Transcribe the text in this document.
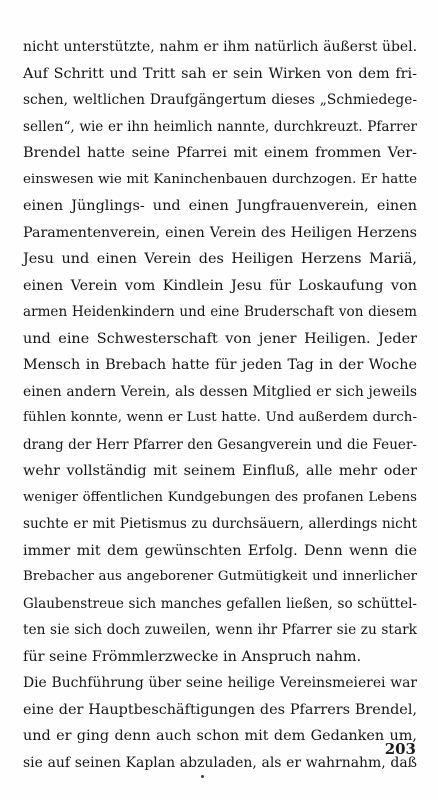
nicht unterstützte, nahm er ihm natürlich äußerst übel.
Auf Schritt und Tritt sah er sein Wirken von dem fri-
schen, weltlichen Draufgängertum dieses „Schmiedege-
sellen“, wie er ihn heimlich nannte, durchkreuzt. Pfarrer
Brendel hatte seine Pfarrei mit einem frommen Ver-
einswesen wie mit Kaninchenbauen durchzogen. Er hatte
einen Jünglings- und einen Jungfrauenverein, einen
Paramentenverein, einen Verein des Heiligen Herzens
Jesu und einen Verein des Heiligen Herzens Mariä,
einen Verein vom Kindlein Jesu für Loskaufung von
armen Heidenkindern und eine Bruderschaft von diesem
und eine Schwesterschaft von jener Heiligen. Jeder
Mensch in Brebach hatte für jeden Tag in der Woche
einen andern Verein, als dessen Mitglied er sich jeweils
fühlen konnte, wenn er Lust hatte. Und außerdem durch-
drang der Herr Pfarrer den Gesangverein und die Feuer-
wehr vollständig mit seinem Einfluß, alle mehr oder
weniger öffentlichen Kundgebungen des profanen Lebens
suchte er mit Pietismus zu durchsäuern, allerdings nicht
immer mit dem gewünschten Erfolg. Denn wenn die
Brebacher aus angeborener Gutmütigkeit und innerlicher
Glaubenstreue sich manches gefallen ließen, so schüttel-
ten sie sich doch zuweilen, wenn ihr Pfarrer sie zu stark
für seine Frömmlerzwecke in Anspruch nahm.
Die Buchführung über seine heilige Vereinsmeierei war
eine der Hauptbeschäftigungen des Pfarrers Brendel,
und er ging denn auch schon mit dem Gedanken um,
sie auf seinen Kaplan abzuladen, als er wahrnahm, daß
203
